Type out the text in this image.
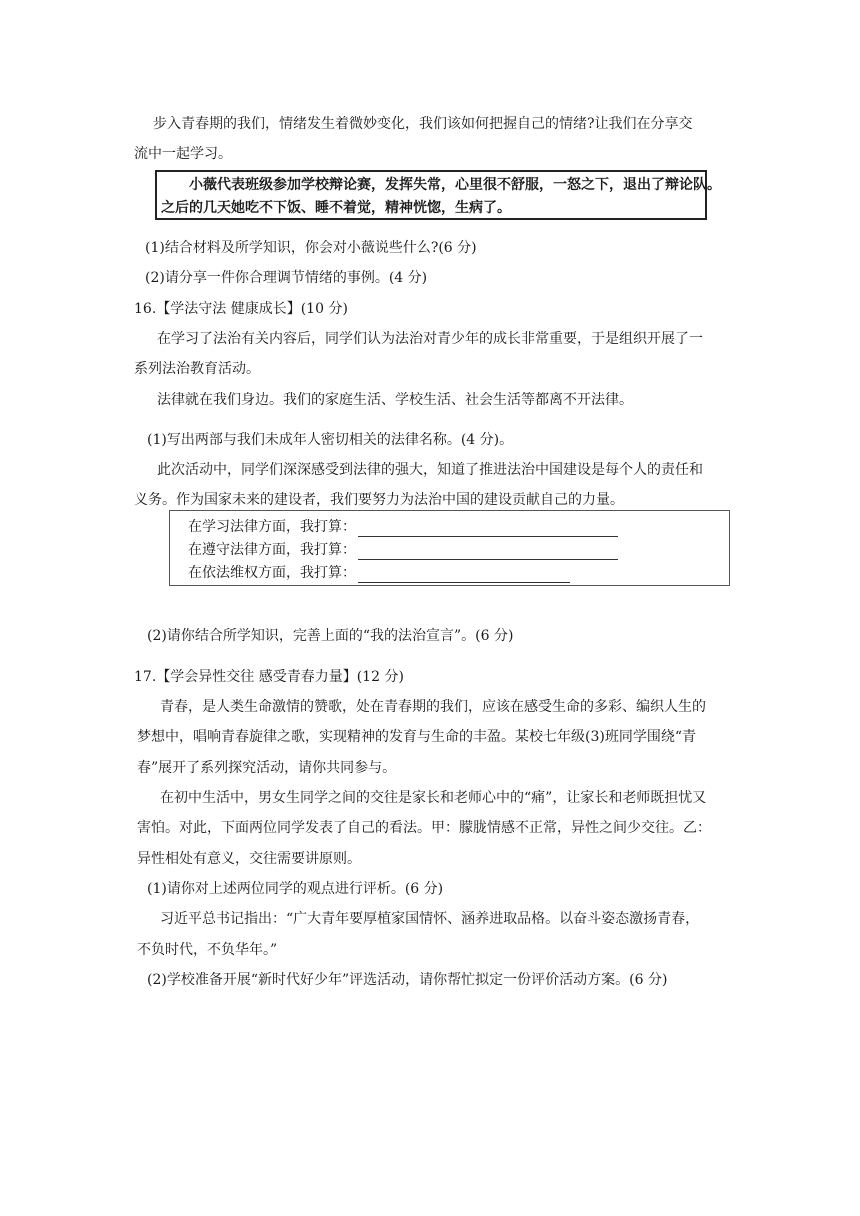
步入青春期的我们，情绪发生着微妙变化，我们该如何把握自己的情绪?让我们在分享交
流中一起学习。
小薇代表班级参加学校辩论赛，发挥失常，心里很不舒服，一怒之下，退出了辩论队。
之后的几天她吃不下饭、睡不着觉，精神恍惚，生病了。
(1)结合材料及所学知识，你会对小薇说些什么?(6 分)
(2)请分享一件你合理调节情绪的事例。(4 分)
16.【学法守法 健康成长】(10 分)
在学习了法治有关内容后，同学们认为法治对青少年的成长非常重要，于是组织开展了一
系列法治教育活动。
法律就在我们身边。我们的家庭生活、学校生活、社会生活等都离不开法律。
(1)写出两部与我们未成年人密切相关的法律名称。(4 分)。
此次活动中，同学们深深感受到法律的强大，知道了推进法治中国建设是每个人的责任和
义务。作为国家未来的建设者，我们要努力为法治中国的建设贡献自己的力量。
在学习法律方面，我打算：
在遵守法律方面，我打算：
在依法维权方面，我打算：
(2)请你结合所学知识，完善上面的“我的法治宣言”。(6 分)
17.【学会异性交往 感受青春力量】(12 分)
青春，是人类生命激情的赞歌，处在青春期的我们，应该在感受生命的多彩、编织人生的
梦想中，唱响青春旋律之歌，实现精神的发育与生命的丰盈。某校七年级(3)班同学围绕“青
春”展开了系列探究活动，请你共同参与。
在初中生活中，男女生同学之间的交往是家长和老师心中的“痛”，让家长和老师既担忧又
害怕。对此，下面两位同学发表了自己的看法。甲：朦胧情感不正常，异性之间少交往。乙：
异性相处有意义，交往需要讲原则。
(1)请你对上述两位同学的观点进行评析。(6 分)
习近平总书记指出：“广大青年要厚植家国情怀、涵养进取品格。以奋斗姿态激扬青春，
不负时代，不负华年。”
(2)学校准备开展“新时代好少年”评选活动，请你帮忙拟定一份评价活动方案。(6 分)
